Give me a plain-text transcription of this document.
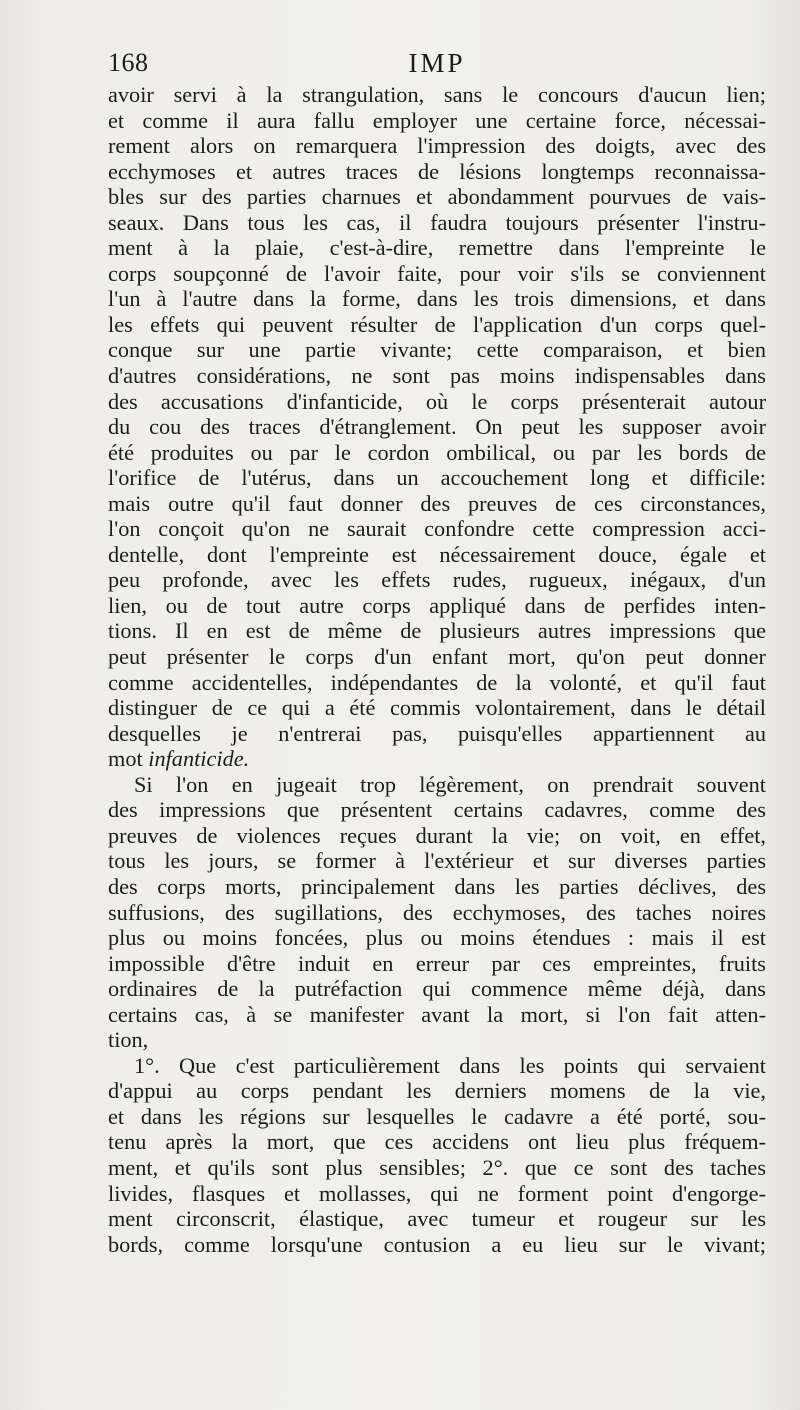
168	IMP
avoir servi à la strangulation, sans le concours d'aucun lien;
et comme il aura fallu employer une certaine force, nécessai-
rement alors on remarquera l'impression des doigts, avec des
ecchymoses et autres traces de lésions longtemps reconnaissa-
bles sur des parties charnues et abondamment pourvues de vais-
seaux. Dans tous les cas, il faudra toujours présenter l'instru-
ment à la plaie, c'est-à-dire, remettre dans l'empreinte le
corps soupçonné de l'avoir faite, pour voir s'ils se conviennent
l'un à l'autre dans la forme, dans les trois dimensions, et dans
les effets qui peuvent résulter de l'application d'un corps quel-
conque sur une partie vivante; cette comparaison, et bien
d'autres considérations, ne sont pas moins indispensables dans
des accusations d'infanticide, où le corps présenterait autour
du cou des traces d'étranglement. On peut les supposer avoir
été produites ou par le cordon ombilical, ou par les bords de
l'orifice de l'utérus, dans un accouchement long et difficile:
mais outre qu'il faut donner des preuves de ces circonstances,
l'on conçoit qu'on ne saurait confondre cette compression acci-
dentelle, dont l'empreinte est nécessairement douce, égale et
peu profonde, avec les effets rudes, rugueux, inégaux, d'un
lien, ou de tout autre corps appliqué dans de perfides inten-
tions. Il en est de même de plusieurs autres impressions que
peut présenter le corps d'un enfant mort, qu'on peut donner
comme accidentelles, indépendantes de la volonté, et qu'il faut
distinguer de ce qui a été commis volontairement, dans le détail
desquelles je n'entrerai pas, puisqu'elles appartiennent au
mot infanticide.
Si l'on en jugeait trop légèrement, on prendrait souvent
des impressions que présentent certains cadavres, comme des
preuves de violences reçues durant la vie; on voit, en effet,
tous les jours, se former à l'extérieur et sur diverses parties
des corps morts, principalement dans les parties déclives, des
suffusions, des sugillations, des ecchymoses, des taches noires
plus ou moins foncées, plus ou moins étendues : mais il est
impossible d'être induit en erreur par ces empreintes, fruits
ordinaires de la putréfaction qui commence même déjà, dans
certains cas, à se manifester avant la mort, si l'on fait atten-
tion,
1°. Que c'est particulièrement dans les points qui servaient
d'appui au corps pendant les derniers momens de la vie,
et dans les régions sur lesquelles le cadavre a été porté, sou-
tenu après la mort, que ces accidens ont lieu plus fréquem-
ment, et qu'ils sont plus sensibles; 2°. que ce sont des taches
livides, flasques et mollasses, qui ne forment point d'engorge-
ment circonscrit, élastique, avec tumeur et rougeur sur les
bords, comme lorsqu'une contusion a eu lieu sur le vivant;
